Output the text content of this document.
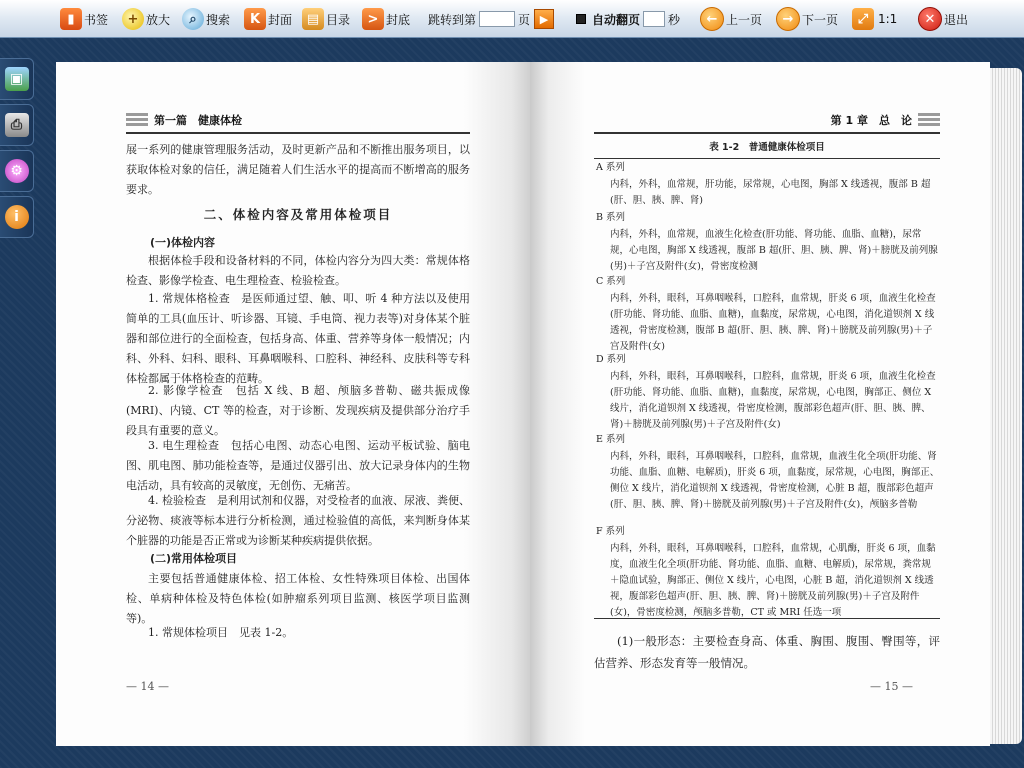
▮ 书签	+ 放大	⌕ 搜索	K 封面	▤ 目录	> 封底 跳转到第	页 ▶	自动翻页 秒	← 上一页	→ 下一页	⤢ 1:1	✕ 退出
▣
⎙
⚙
i
第一篇　健康体检
展一系列的健康管理服务活动，及时更新产品和不断推出服务项目，以获取体检对象的信任，满足随着人们生活水平的提高而不断增高的服务要求。
二、体检内容及常用体检项目
(一)体检内容
根据体检手段和设备材料的不同，体检内容分为四大类：常规体格检查、影像学检查、电生理检查、检验检查。
1. 常规体格检查　是医师通过望、触、叩、听 4 种方法以及使用简单的工具(血压计、听诊器、耳镜、手电筒、视力表等)对身体某个脏器和部位进行的全面检查，包括身高、体重、营养等身体一般情况；内科、外科、妇科、眼科、耳鼻咽喉科、口腔科、神经科、皮肤科等专科体检都属于体格检查的范畴。
2. 影像学检查　包括 X 线、B 超、颅脑多普勒、磁共振成像(MRI)、内镜、CT 等的检查，对于诊断、发现疾病及提供部分治疗手段具有重要的意义。
3. 电生理检查　包括心电图、动态心电图、运动平板试验、脑电图、肌电图、肺功能检查等，是通过仪器引出、放大记录身体内的生物电活动，具有较高的灵敏度，无创伤、无痛苦。
4. 检验检查　是利用试剂和仪器，对受检者的血液、尿液、粪便、分泌物、痰液等标本进行分析检测，通过检验值的高低，来判断身体某个脏器的功能是否正常或为诊断某种疾病提供依据。
(二)常用体检项目
主要包括普通健康体检、招工体检、女性特殊项目体检、出国体检、单病种体检及特色体检(如肿瘤系列项目监测、核医学项目监测等)。
1. 常规体检项目　见表 1-2。
— 14 —
第 1 章　总　论
表 1-2　普通健康体检项目
A 系列
内科，外科，血常规，肝功能，尿常规，心电图，胸部 X 线透视，腹部 B 超(肝、胆、胰、脾、肾)
B 系列
内科，外科，血常规，血液生化检查(肝功能、肾功能、血脂、血糖)，尿常规，心电图，胸部 X 线透视，腹部 B 超(肝、胆、胰、脾、肾)＋膀胱及前列腺(男)＋子宫及附件(女)，骨密度检测
C 系列
内科，外科，眼科，耳鼻咽喉科，口腔科，血常规，肝炎 6 项，血液生化检查(肝功能、肾功能、血脂、血糖)，血黏度，尿常规，心电图，消化道钡剂 X 线透视，骨密度检测，腹部 B 超(肝、胆、胰、脾、肾)＋膀胱及前列腺(男)＋子宫及附件(女)
D 系列
内科，外科，眼科，耳鼻咽喉科，口腔科，血常规，肝炎 6 项，血液生化检查(肝功能、肾功能、血脂、血糖)，血黏度，尿常规，心电图，胸部正、侧位 X 线片，消化道钡剂 X 线透视，骨密度检测，腹部彩色超声(肝、胆、胰、脾、肾)＋膀胱及前列腺(男)＋子宫及附件(女)
E 系列
内科，外科，眼科，耳鼻咽喉科，口腔科，血常规，血液生化全项(肝功能、肾功能、血脂、血糖、电解质)，肝炎 6 项，血黏度，尿常规，心电图，胸部正、侧位 X 线片，消化道钡剂 X 线透视，骨密度检测，心脏 B 超，腹部彩色超声(肝、胆、胰、脾、肾)＋膀胱及前列腺(男)＋子宫及附件(女)，颅脑多普勒
F 系列
内科，外科，眼科，耳鼻咽喉科，口腔科，血常规，心肌酶，肝炎 6 项，血黏度，血液生化全项(肝功能、肾功能、血脂、血糖、电解质)，尿常规，粪常规＋隐血试验，胸部正、侧位 X 线片，心电图，心脏 B 超，消化道钡剂 X 线透视，腹部彩色超声(肝、胆、胰、脾、肾)＋膀胱及前列腺(男)＋子宫及附件(女)，骨密度检测，颅脑多普勒，CT 或 MRI 任选一项
(1)一般形态：主要检查身高、体重、胸围、腹围、臀围等，评估营养、形态发育等一般情况。
— 15 —
